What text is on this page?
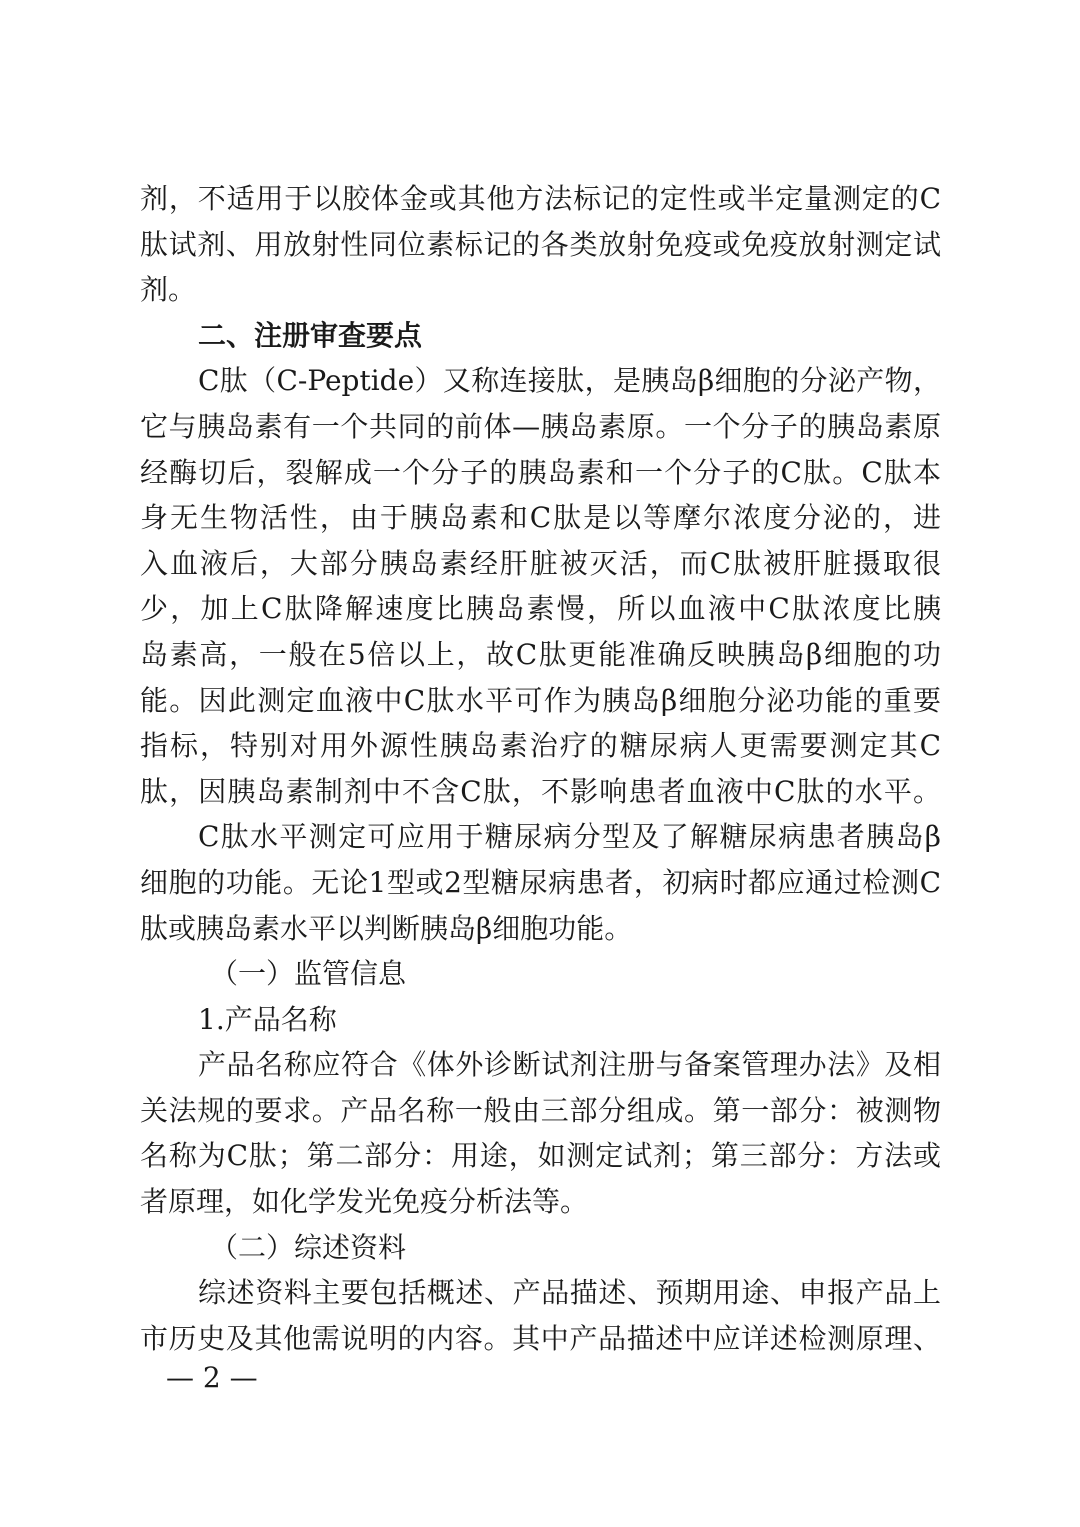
剂，不适用于以胶体金或其他方法标记的定性或半定量测定的C
肽试剂、用放射性同位素标记的各类放射免疫或免疫放射测定试
剂。
二、注册审查要点
C肽（C-Peptide）又称连接肽，是胰岛β细胞的分泌产物，
它与胰岛素有一个共同的前体—胰岛素原。一个分子的胰岛素原
经酶切后，裂解成一个分子的胰岛素和一个分子的C肽。C肽本
身无生物活性，由于胰岛素和C肽是以等摩尔浓度分泌的，进
入血液后，大部分胰岛素经肝脏被灭活，而C肽被肝脏摄取很
少，加上C肽降解速度比胰岛素慢，所以血液中C肽浓度比胰
岛素高，一般在5倍以上，故C肽更能准确反映胰岛β细胞的功
能。因此测定血液中C肽水平可作为胰岛β细胞分泌功能的重要
指标，特别对用外源性胰岛素治疗的糖尿病人更需要测定其C
肽，因胰岛素制剂中不含C肽，不影响患者血液中C肽的水平。
C肽水平测定可应用于糖尿病分型及了解糖尿病患者胰岛β
细胞的功能。无论1型或2型糖尿病患者，初病时都应通过检测C
肽或胰岛素水平以判断胰岛β细胞功能。
（一）监管信息
1.产品名称
产品名称应符合《体外诊断试剂注册与备案管理办法》及相
关法规的要求。产品名称一般由三部分组成。第一部分：被测物
名称为C肽；第二部分：用途，如测定试剂；第三部分：方法或
者原理，如化学发光免疫分析法等。
（二）综述资料
综述资料主要包括概述、产品描述、预期用途、申报产品上
市历史及其他需说明的内容。其中产品描述中应详述检测原理、
— 2 —
